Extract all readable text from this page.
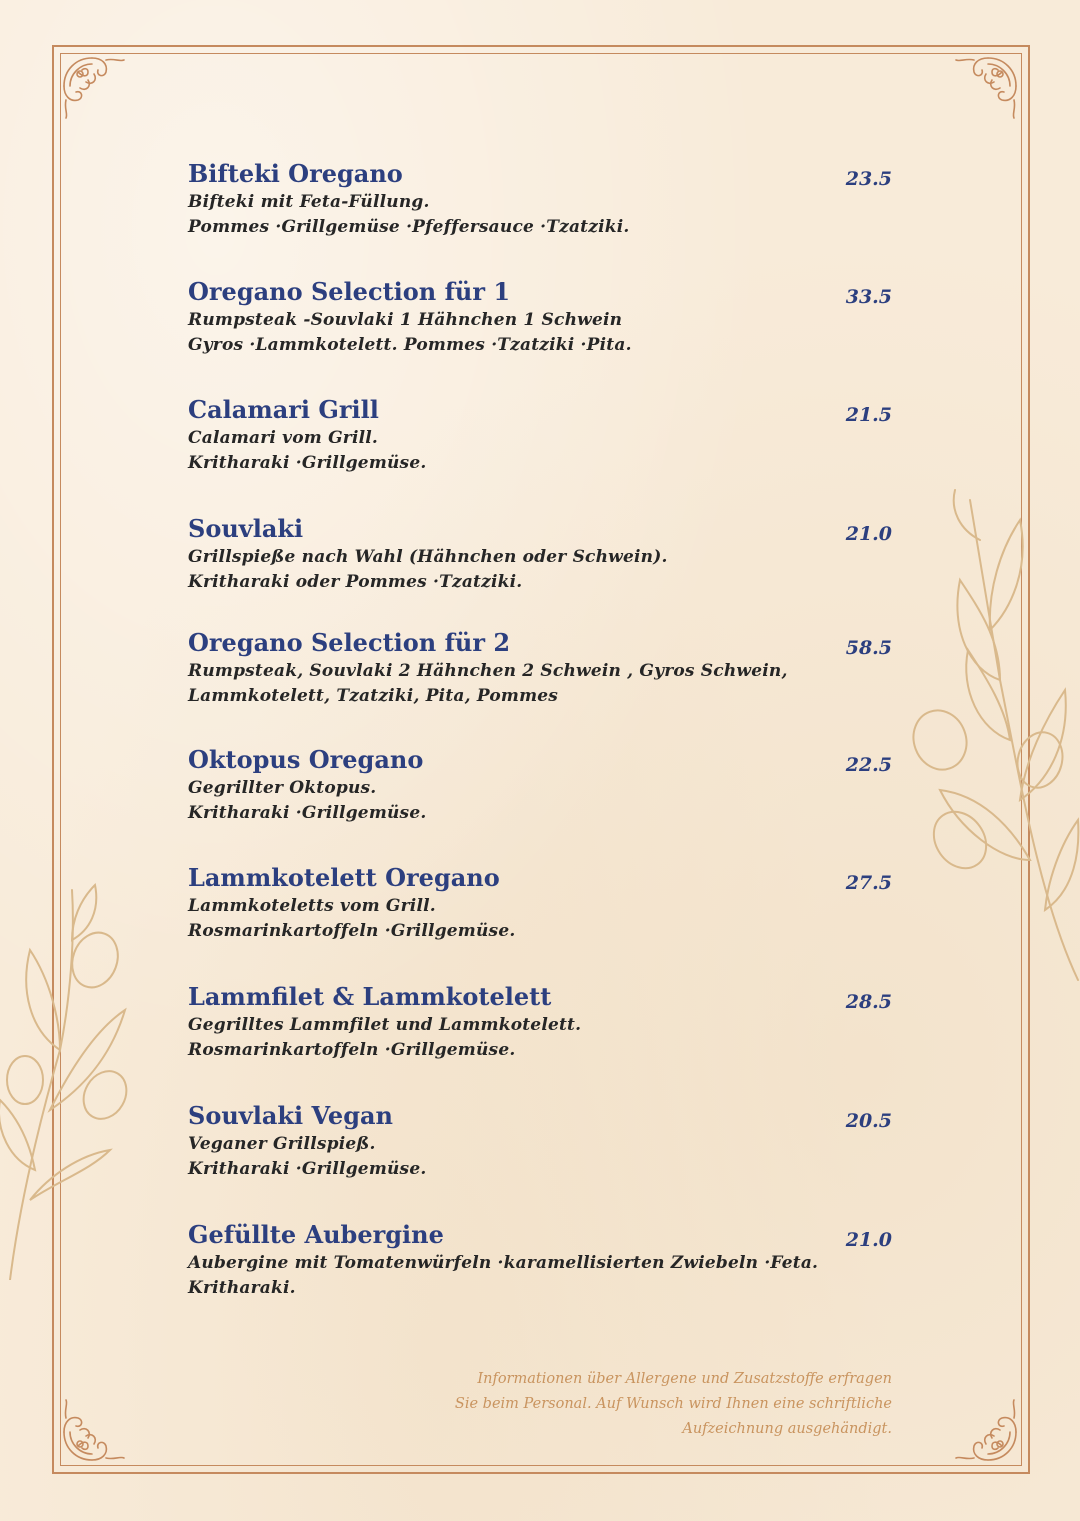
Bifteki Oregano	23.5
Bifteki mit Feta-Füllung.
Pommes ·Grillgemüse ·Pfeffersauce ·Tzatziki.
Oregano Selection für 1	33.5
Rumpsteak -Souvlaki 1 Hähnchen 1 Schwein
Gyros ·Lammkotelett. Pommes ·Tzatziki ·Pita.
Calamari Grill	21.5
Calamari vom Grill.
Kritharaki ·Grillgemüse.
Souvlaki	21.0
Grillspieße nach Wahl (Hähnchen oder Schwein).
Kritharaki oder Pommes ·Tzatziki.
Oregano Selection für 2	58.5
Rumpsteak, Souvlaki 2 Hähnchen 2 Schwein , Gyros Schwein,
Lammkotelett, Tzatziki, Pita, Pommes
Oktopus Oregano	22.5
Gegrillter Oktopus.
Kritharaki ·Grillgemüse.
Lammkotelett Oregano	27.5
Lammkoteletts vom Grill.
Rosmarinkartoffeln ·Grillgemüse.
Lammfilet & Lammkotelett	28.5
Gegrilltes Lammfilet und Lammkotelett.
Rosmarinkartoffeln ·Grillgemüse.
Souvlaki Vegan	20.5
Veganer Grillspieß.
Kritharaki ·Grillgemüse.
Gefüllte Aubergine	21.0
Aubergine mit Tomatenwürfeln ·karamellisierten Zwiebeln ·Feta.
Kritharaki.
Informationen über Allergene und Zusatzstoffe erfragen
Sie beim Personal. Auf Wunsch wird Ihnen eine schriftliche
Aufzeichnung ausgehändigt.
